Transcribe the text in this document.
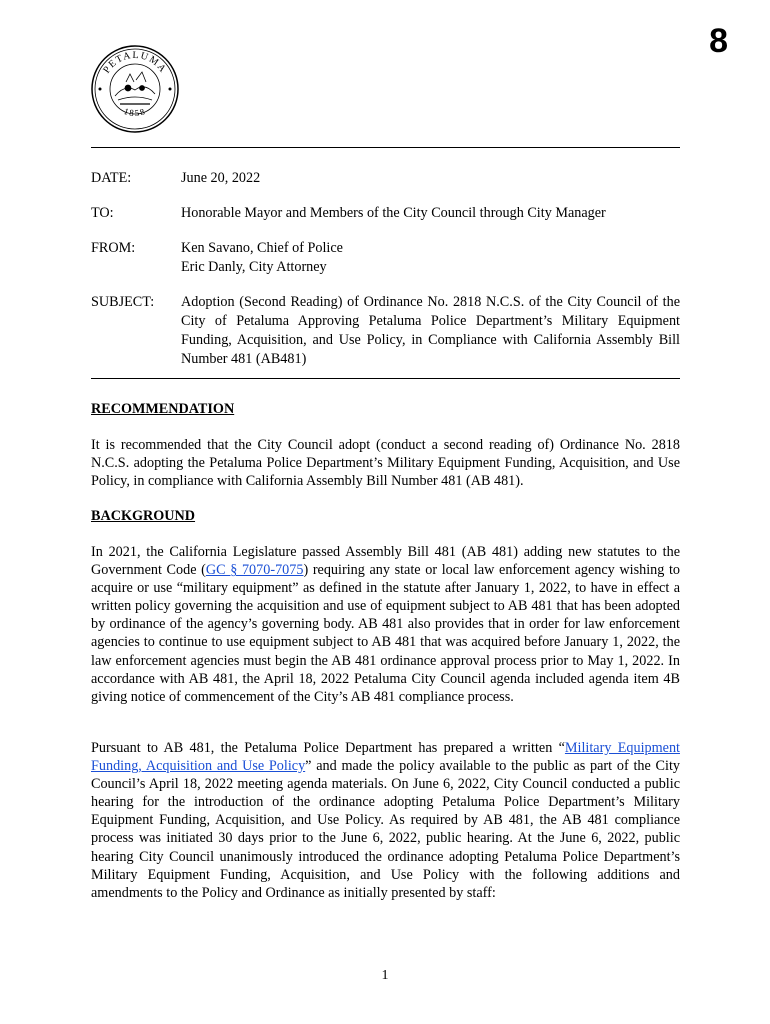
8
PETALUMA
1858
DATE:	June 20, 2022
TO:	Honorable Mayor and Members of the City Council through City Manager
FROM:	Ken Savano, Chief of Police
Eric Danly, City Attorney
SUBJECT: Adoption (Second Reading) of Ordinance No. 2818 N.C.S. of the City Council of the City of Petaluma Approving Petaluma Police Department’s Military Equipment Funding, Acquisition, and Use Policy, in Compliance with California Assembly Bill Number 481 (AB481)
RECOMMENDATION
It is recommended that the City Council adopt (conduct a second reading of) Ordinance No. 2818 N.C.S. adopting the Petaluma Police Department’s Military Equipment Funding, Acquisition, and Use Policy, in compliance with California Assembly Bill Number 481 (AB 481).
BACKGROUND
In 2021, the California Legislature passed Assembly Bill 481 (AB 481) adding new statutes to the Government Code (GC § 7070-7075) requiring any state or local law enforcement agency wishing to acquire or use “military equipment” as defined in the statute after January 1, 2022, to have in effect a written policy governing the acquisition and use of equipment subject to AB 481 that has been adopted by ordinance of the agency’s governing body. AB 481 also provides that in order for law enforcement agencies to continue to use equipment subject to AB 481 that was acquired before January 1, 2022, the law enforcement agencies must begin the AB 481 ordinance approval process prior to May 1, 2022. In accordance with AB 481, the April 18, 2022 Petaluma City Council agenda included agenda item 4B giving notice of commencement of the City’s AB 481 compliance process.
Pursuant to AB 481, the Petaluma Police Department has prepared a written “Military Equipment Funding, Acquisition and Use Policy” and made the policy available to the public as part of the City Council’s April 18, 2022 meeting agenda materials. On June 6, 2022, City Council conducted a public hearing for the introduction of the ordinance adopting Petaluma Police Department’s Military Equipment Funding, Acquisition, and Use Policy. As required by AB 481, the AB 481 compliance process was initiated 30 days prior to the June 6, 2022, public hearing. At the June 6, 2022, public hearing City Council unanimously introduced the ordinance adopting Petaluma Police Department’s Military Equipment Funding, Acquisition, and Use Policy with the following additions and amendments to the Policy and Ordinance as initially presented by staff:
1
